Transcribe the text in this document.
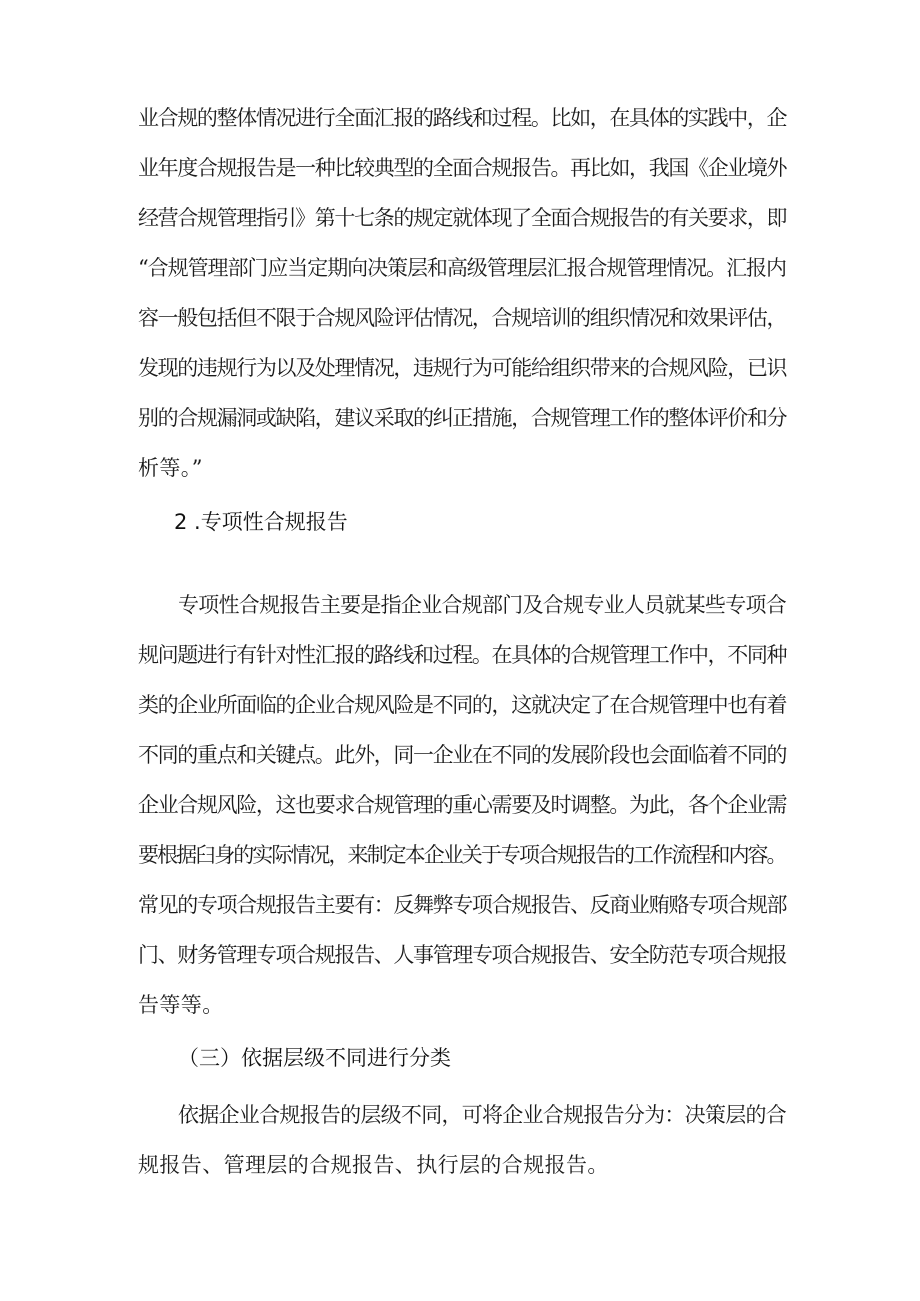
业合规的整体情况进行全面汇报的路线和过程。比如，在具体的实践中，企

业年度合规报告是一种比较典型的全面合规报告。再比如，我国《企业境外

经营合规管理指引》第十七条的规定就体现了全面合规报告的有关要求，即

“合规管理部门应当定期向决策层和高级管理层汇报合规管理情况。汇报内

容一般包括但不限于合规风险评估情况，合规培训的组织情况和效果评估，

发现的违规行为以及处理情况，违规行为可能给组织带来的合规风险，已识

别的合规漏洞或缺陷，建议采取的纠正措施，合规管理工作的整体评价和分

析等。”

2 .专项性合规报告

专项性合规报告主要是指企业合规部门及合规专业人员就某些专项合

规问题进行有针对性汇报的路线和过程。在具体的合规管理工作中，不同种

类的企业所面临的企业合规风险是不同的，这就决定了在合规管理中也有着

不同的重点和关键点。此外，同一企业在不同的发展阶段也会面临着不同的

企业合规风险，这也要求合规管理的重心需要及时调整。为此，各个企业需

要根据臼身的实际情况，来制定本企业关于专项合规报告的工作流程和内容。

常见的专项合规报告主要有：反舞弊专项合规报告、反商业贿赂专项合规部

门、财务管理专项合规报告、人事管理专项合规报告、安全防范专项合规报

告等等。

（三）依据层级不同进行分类

依据企业合规报告的层级不同，可将企业合规报告分为：决策层的合

规报告、管理层的合规报告、执行层的合规报告。
